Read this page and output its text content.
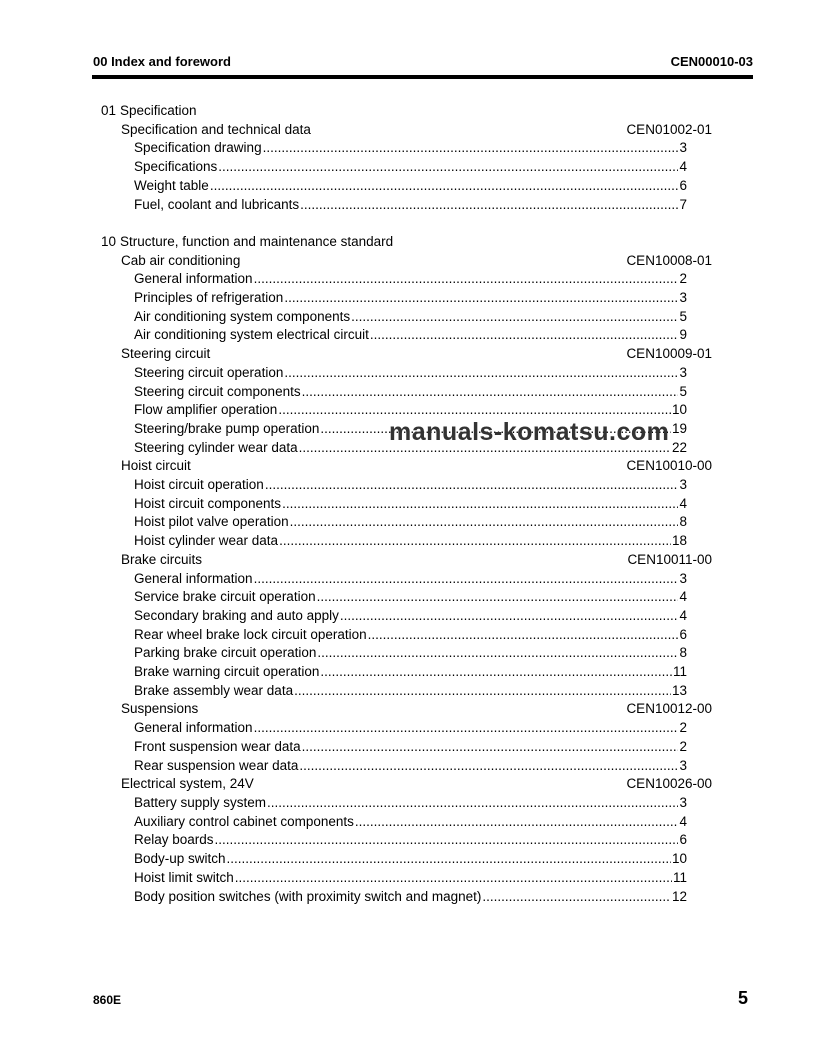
00 Index and foreword	CEN00010-03
01 Specification
Specification and technical data	CEN01002-01
Specification drawing .....	3
Specifications .....	4
Weight table .....	6
Fuel, coolant and lubricants .....	7
10 Structure, function and maintenance standard
Cab air conditioning	CEN10008-01
General information .....	2
Principles of refrigeration .....	3
Air conditioning system components .....	5
Air conditioning system electrical circuit .....	9
Steering circuit	CEN10009-01
Steering circuit operation .....	3
Steering circuit components .....	5
Flow amplifier operation .....	10
Steering/brake pump operation .....	19
Steering cylinder wear data .....	22
Hoist circuit	CEN10010-00
Hoist circuit operation .....	3
Hoist circuit components .....	4
Hoist pilot valve operation .....	8
Hoist cylinder wear data .....	18
Brake circuits	CEN10011-00
General information .....	3
Service brake circuit operation .....	4
Secondary braking and auto apply .....	4
Rear wheel brake lock circuit operation .....	6
Parking brake circuit operation .....	8
Brake warning circuit operation .....	11
Brake assembly wear data .....	13
Suspensions	CEN10012-00
General information .....	2
Front suspension wear data .....	2
Rear suspension wear data .....	3
Electrical system, 24V	CEN10026-00
Battery supply system .....	3
Auxiliary control cabinet components .....	4
Relay boards .....	6
Body-up switch .....	10
Hoist limit switch .....	11
Body position switches (with proximity switch and magnet) .....	12
manuals-komatsu.com
860E	5
